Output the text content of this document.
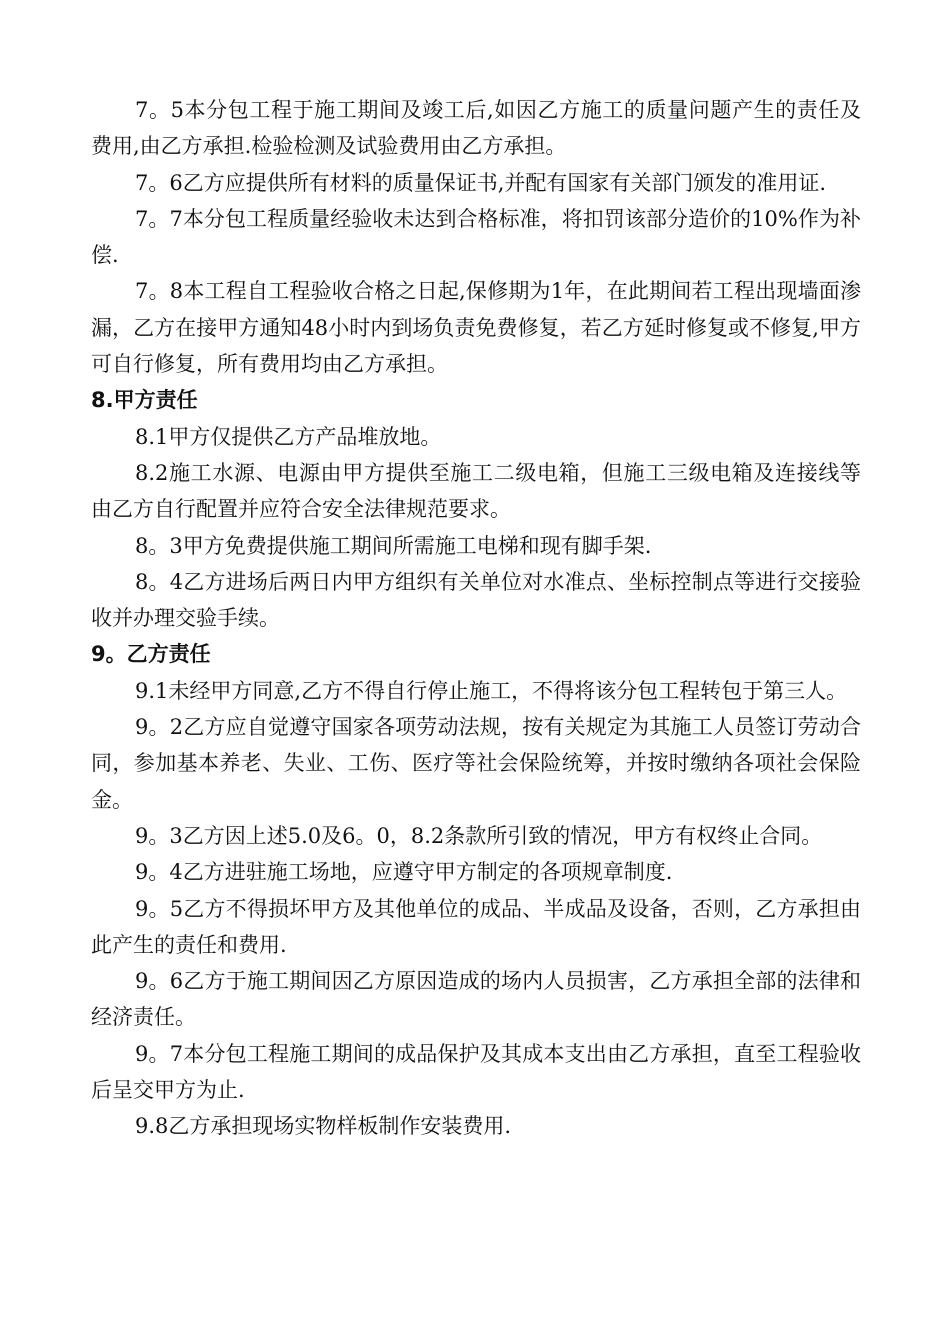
7。5本分包工程于施工期间及竣工后,如因乙方施工的质量问题产生的责任及费用,由乙方承担.检验检测及试验费用由乙方承担。

7。6乙方应提供所有材料的质量保证书,并配有国家有关部门颁发的准用证.

7。7本分包工程质量经验收未达到合格标准，将扣罚该部分造价的10%作为补偿.

7。8本工程自工程验收合格之日起,保修期为1年，在此期间若工程出现墙面渗漏，乙方在接甲方通知48小时内到场负责免费修复，若乙方延时修复或不修复,甲方可自行修复，所有费用均由乙方承担。

8.甲方责任

8.1甲方仅提供乙方产品堆放地。

8.2施工水源、电源由甲方提供至施工二级电箱，但施工三级电箱及连接线等由乙方自行配置并应符合安全法律规范要求。

8。3甲方免费提供施工期间所需施工电梯和现有脚手架.

8。4乙方进场后两日内甲方组织有关单位对水准点、坐标控制点等进行交接验收并办理交验手续。

9。乙方责任

9.1未经甲方同意,乙方不得自行停止施工，不得将该分包工程转包于第三人。

9。2乙方应自觉遵守国家各项劳动法规，按有关规定为其施工人员签订劳动合同，参加基本养老、失业、工伤、医疗等社会保险统筹，并按时缴纳各项社会保险金。

9。3乙方因上述5.0及6。0，8.2条款所引致的情况，甲方有权终止合同。

9。4乙方进驻施工场地，应遵守甲方制定的各项规章制度.

9。5乙方不得损坏甲方及其他单位的成品、半成品及设备，否则，乙方承担由此产生的责任和费用.

9。6乙方于施工期间因乙方原因造成的场内人员损害，乙方承担全部的法律和经济责任。

9。7本分包工程施工期间的成品保护及其成本支出由乙方承担，直至工程验收后呈交甲方为止.

9.8乙方承担现场实物样板制作安装费用.
